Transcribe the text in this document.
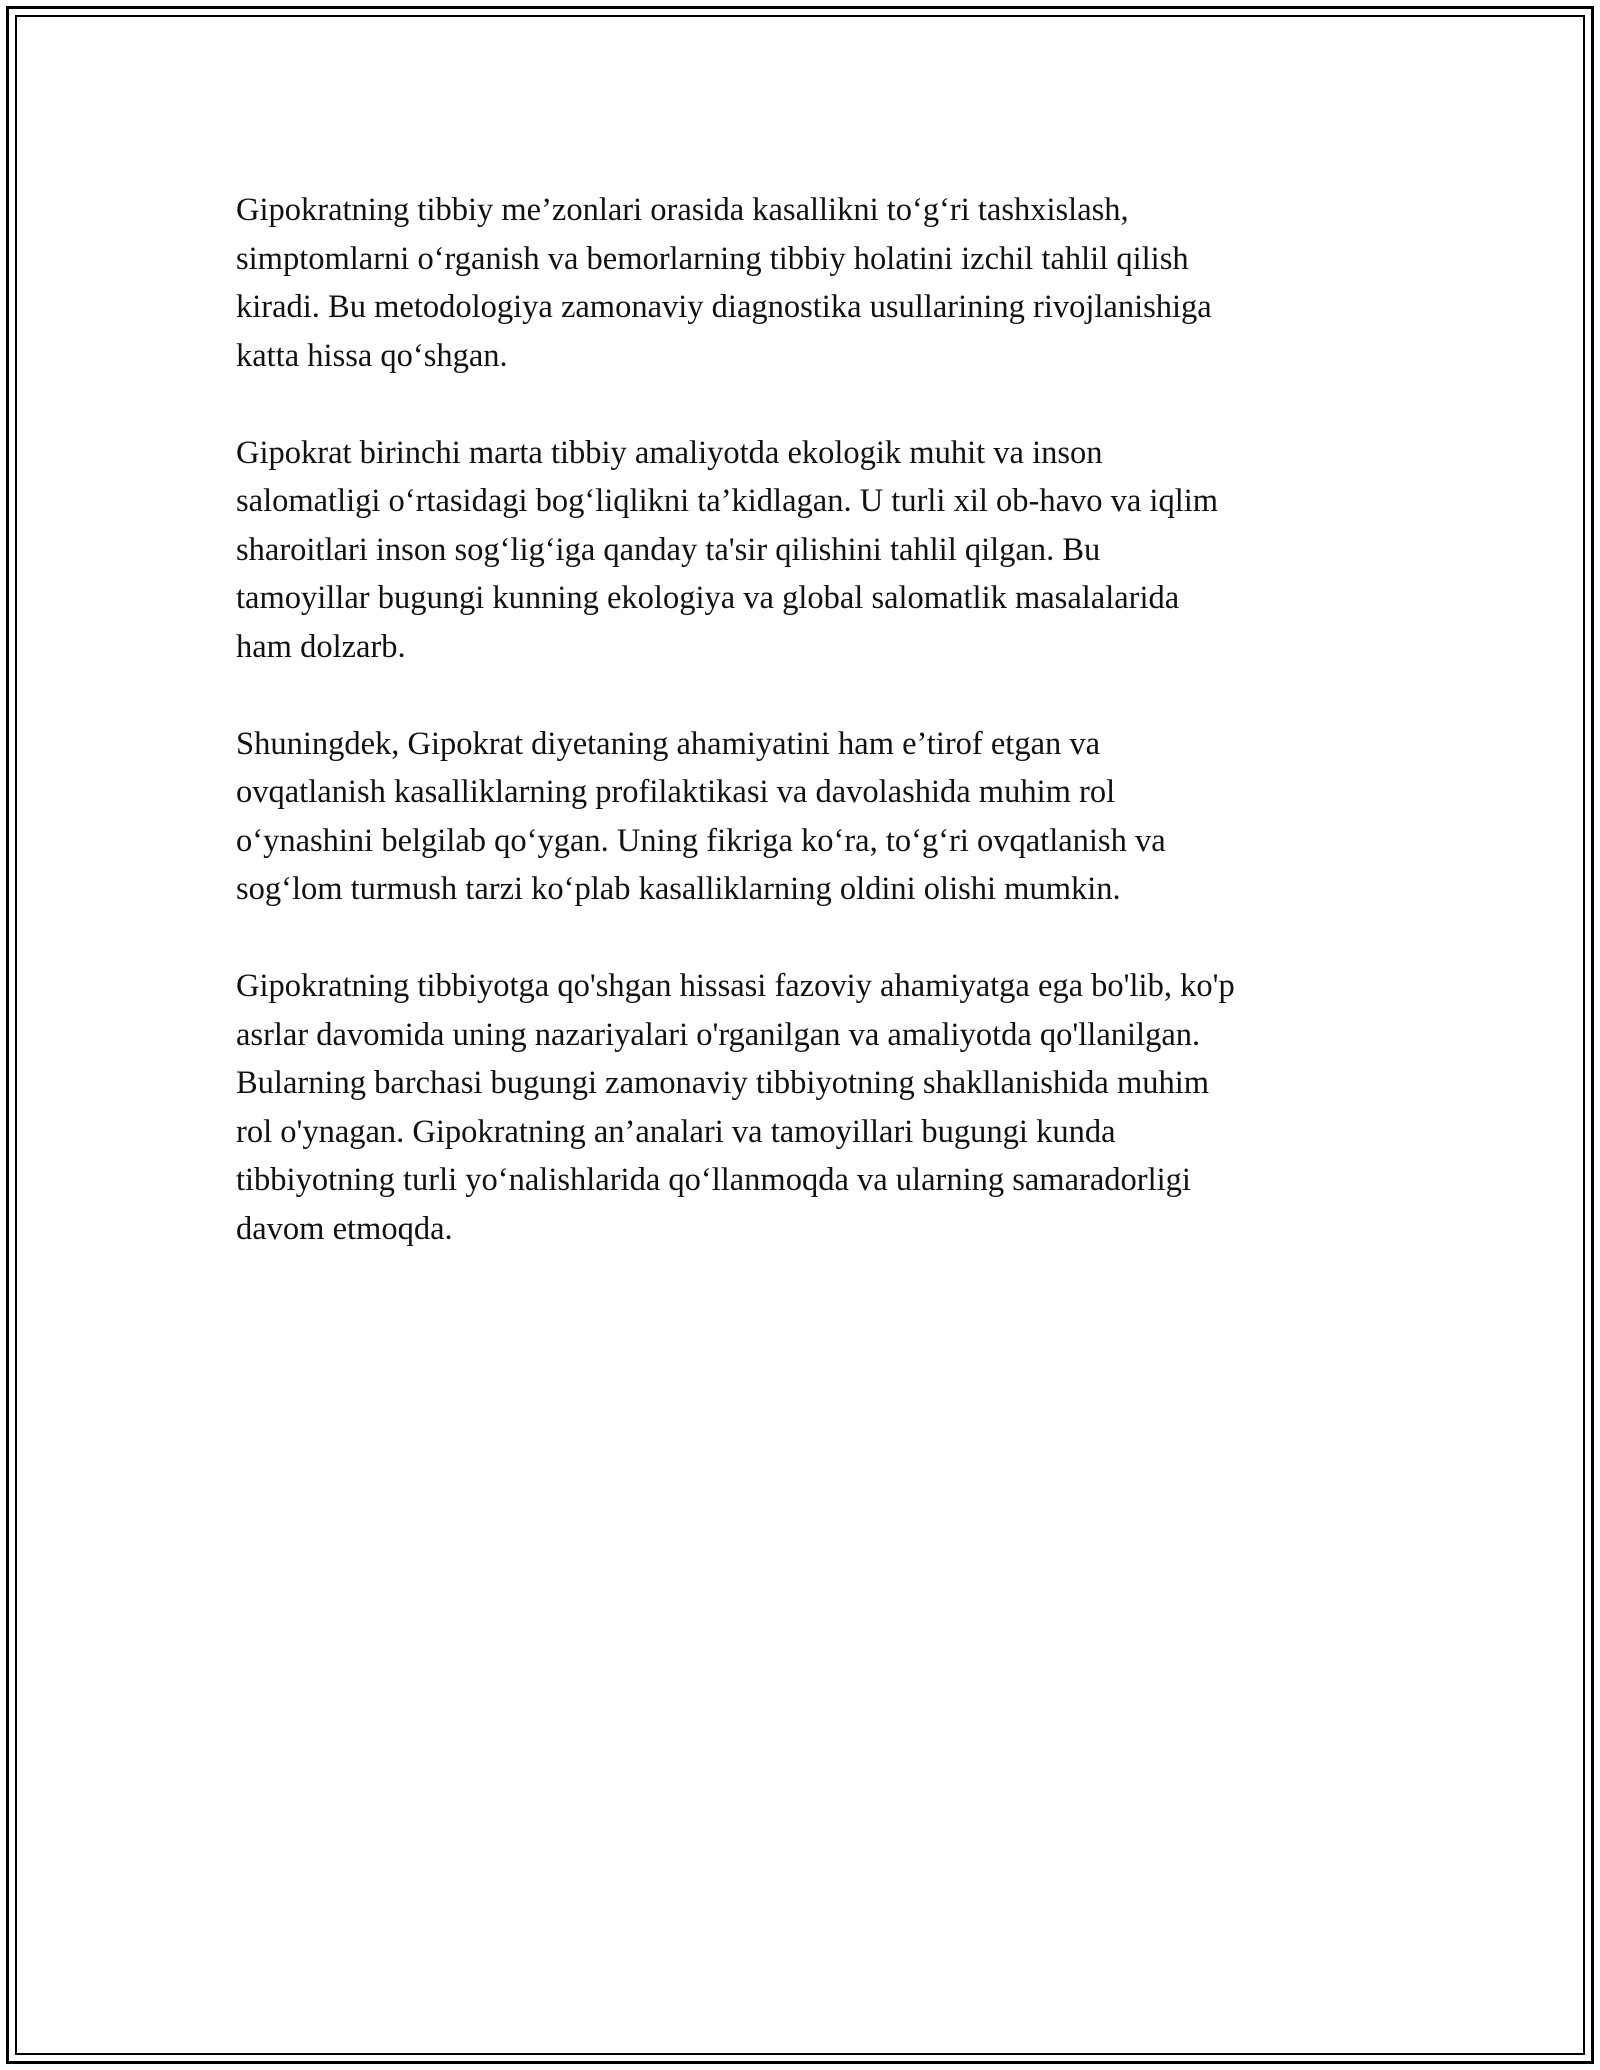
Gipokratning tibbiy me’zonlari orasida kasallikni to‘g‘ri tashxislash,
simptomlarni o‘rganish va bemorlarning tibbiy holatini izchil tahlil qilish
kiradi. Bu metodologiya zamonaviy diagnostika usullarining rivojlanishiga
katta hissa qo‘shgan.

Gipokrat birinchi marta tibbiy amaliyotda ekologik muhit va inson
salomatligi o‘rtasidagi bog‘liqlikni ta’kidlagan. U turli xil ob-havo va iqlim
sharoitlari inson sog‘lig‘iga qanday ta'sir qilishini tahlil qilgan. Bu
tamoyillar bugungi kunning ekologiya va global salomatlik masalalarida
ham dolzarb.

Shuningdek, Gipokrat diyetaning ahamiyatini ham e’tirof etgan va
ovqatlanish kasalliklarning profilaktikasi va davolashida muhim rol
o‘ynashini belgilab qo‘ygan. Uning fikriga ko‘ra, to‘g‘ri ovqatlanish va
sog‘lom turmush tarzi ko‘plab kasalliklarning oldini olishi mumkin.

Gipokratning tibbiyotga qo'shgan hissasi fazoviy ahamiyatga ega bo'lib, ko'p
asrlar davomida uning nazariyalari o'rganilgan va amaliyotda qo'llanilgan.
Bularning barchasi bugungi zamonaviy tibbiyotning shakllanishida muhim
rol o'ynagan. Gipokratning an’analari va tamoyillari bugungi kunda
tibbiyotning turli yo‘nalishlarida qo‘llanmoqda va ularning samaradorligi
davom etmoqda.
